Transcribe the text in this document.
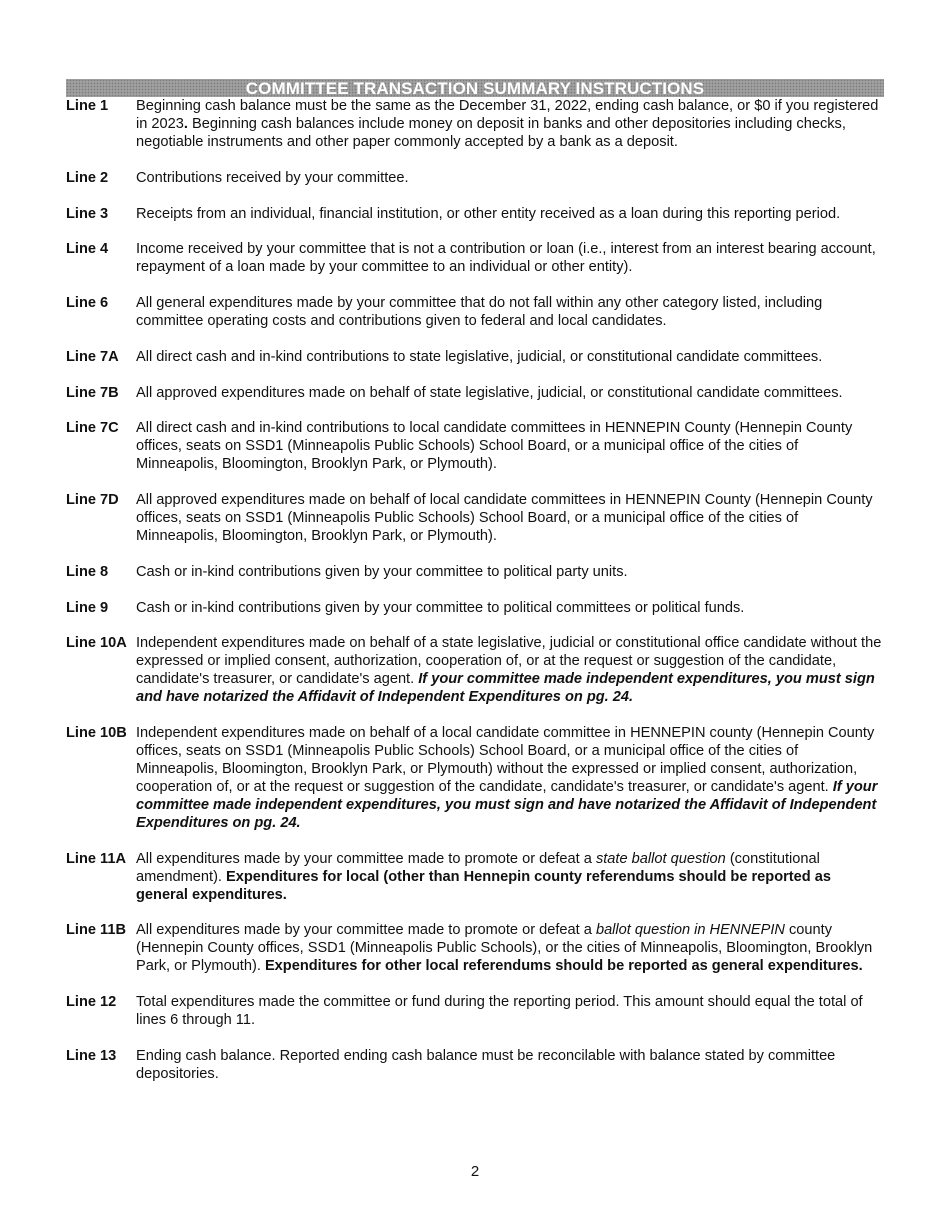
COMMITTEE TRANSACTION SUMMARY INSTRUCTIONS
Line 1	Beginning cash balance must be the same as the December 31, 2022, ending cash balance, or $0 if you registered in 2023. Beginning cash balances include money on deposit in banks and other depositories including checks, negotiable instruments and other paper commonly accepted by a bank as a deposit.
Line 2	Contributions received by your committee.
Line 3	Receipts from an individual, financial institution, or other entity received as a loan during this reporting period.
Line 4	Income received by your committee that is not a contribution or loan (i.e., interest from an interest bearing account, repayment of a loan made by your committee to an individual or other entity).
Line 6	All general expenditures made by your committee that do not fall within any other category listed, including committee operating costs and contributions given to federal and local candidates.
Line 7A	All direct cash and in-kind contributions to state legislative, judicial, or constitutional candidate committees.
Line 7B	All approved expenditures made on behalf of state legislative, judicial, or constitutional candidate committees.
Line 7C	All direct cash and in-kind contributions to local candidate committees in HENNEPIN County (Hennepin County offices, seats on SSD1 (Minneapolis Public Schools) School Board, or a municipal office of the cities of Minneapolis, Bloomington, Brooklyn Park, or Plymouth).
Line 7D	All approved expenditures made on behalf of local candidate committees in HENNEPIN County (Hennepin County offices, seats on SSD1 (Minneapolis Public Schools) School Board, or a municipal office of the cities of Minneapolis, Bloomington, Brooklyn Park, or Plymouth).
Line 8	Cash or in-kind contributions given by your committee to political party units.
Line 9	Cash or in-kind contributions given by your committee to political committees or political funds.
Line 10A Independent expenditures made on behalf of a state legislative, judicial or constitutional office candidate without the expressed or implied consent, authorization, cooperation of, or at the request or suggestion of the candidate, candidate's treasurer, or candidate's agent. If your committee made independent expenditures, you must sign and have notarized the Affidavit of Independent Expenditures on pg. 24.
Line 10B Independent expenditures made on behalf of a local candidate committee in HENNEPIN county (Hennepin County offices, seats on SSD1 (Minneapolis Public Schools) School Board, or a municipal office of the cities of Minneapolis, Bloomington, Brooklyn Park, or Plymouth) without the expressed or implied consent, authorization, cooperation of, or at the request or suggestion of the candidate, candidate's treasurer, or candidate's agent. If your committee made independent expenditures, you must sign and have notarized the Affidavit of Independent Expenditures on pg. 24.
Line 11A All expenditures made by your committee made to promote or defeat a state ballot question (constitutional amendment). Expenditures for local (other than Hennepin county referendums should be reported as general expenditures.
Line 11B All expenditures made by your committee made to promote or defeat a ballot question in HENNEPIN county (Hennepin County offices, SSD1 (Minneapolis Public Schools), or the cities of Minneapolis, Bloomington, Brooklyn Park, or Plymouth). Expenditures for other local referendums should be reported as general expenditures.
Line 12	Total expenditures made the committee or fund during the reporting period. This amount should equal the total of lines 6 through 11.
Line 13	Ending cash balance. Reported ending cash balance must be reconcilable with balance stated by committee depositories.
2
